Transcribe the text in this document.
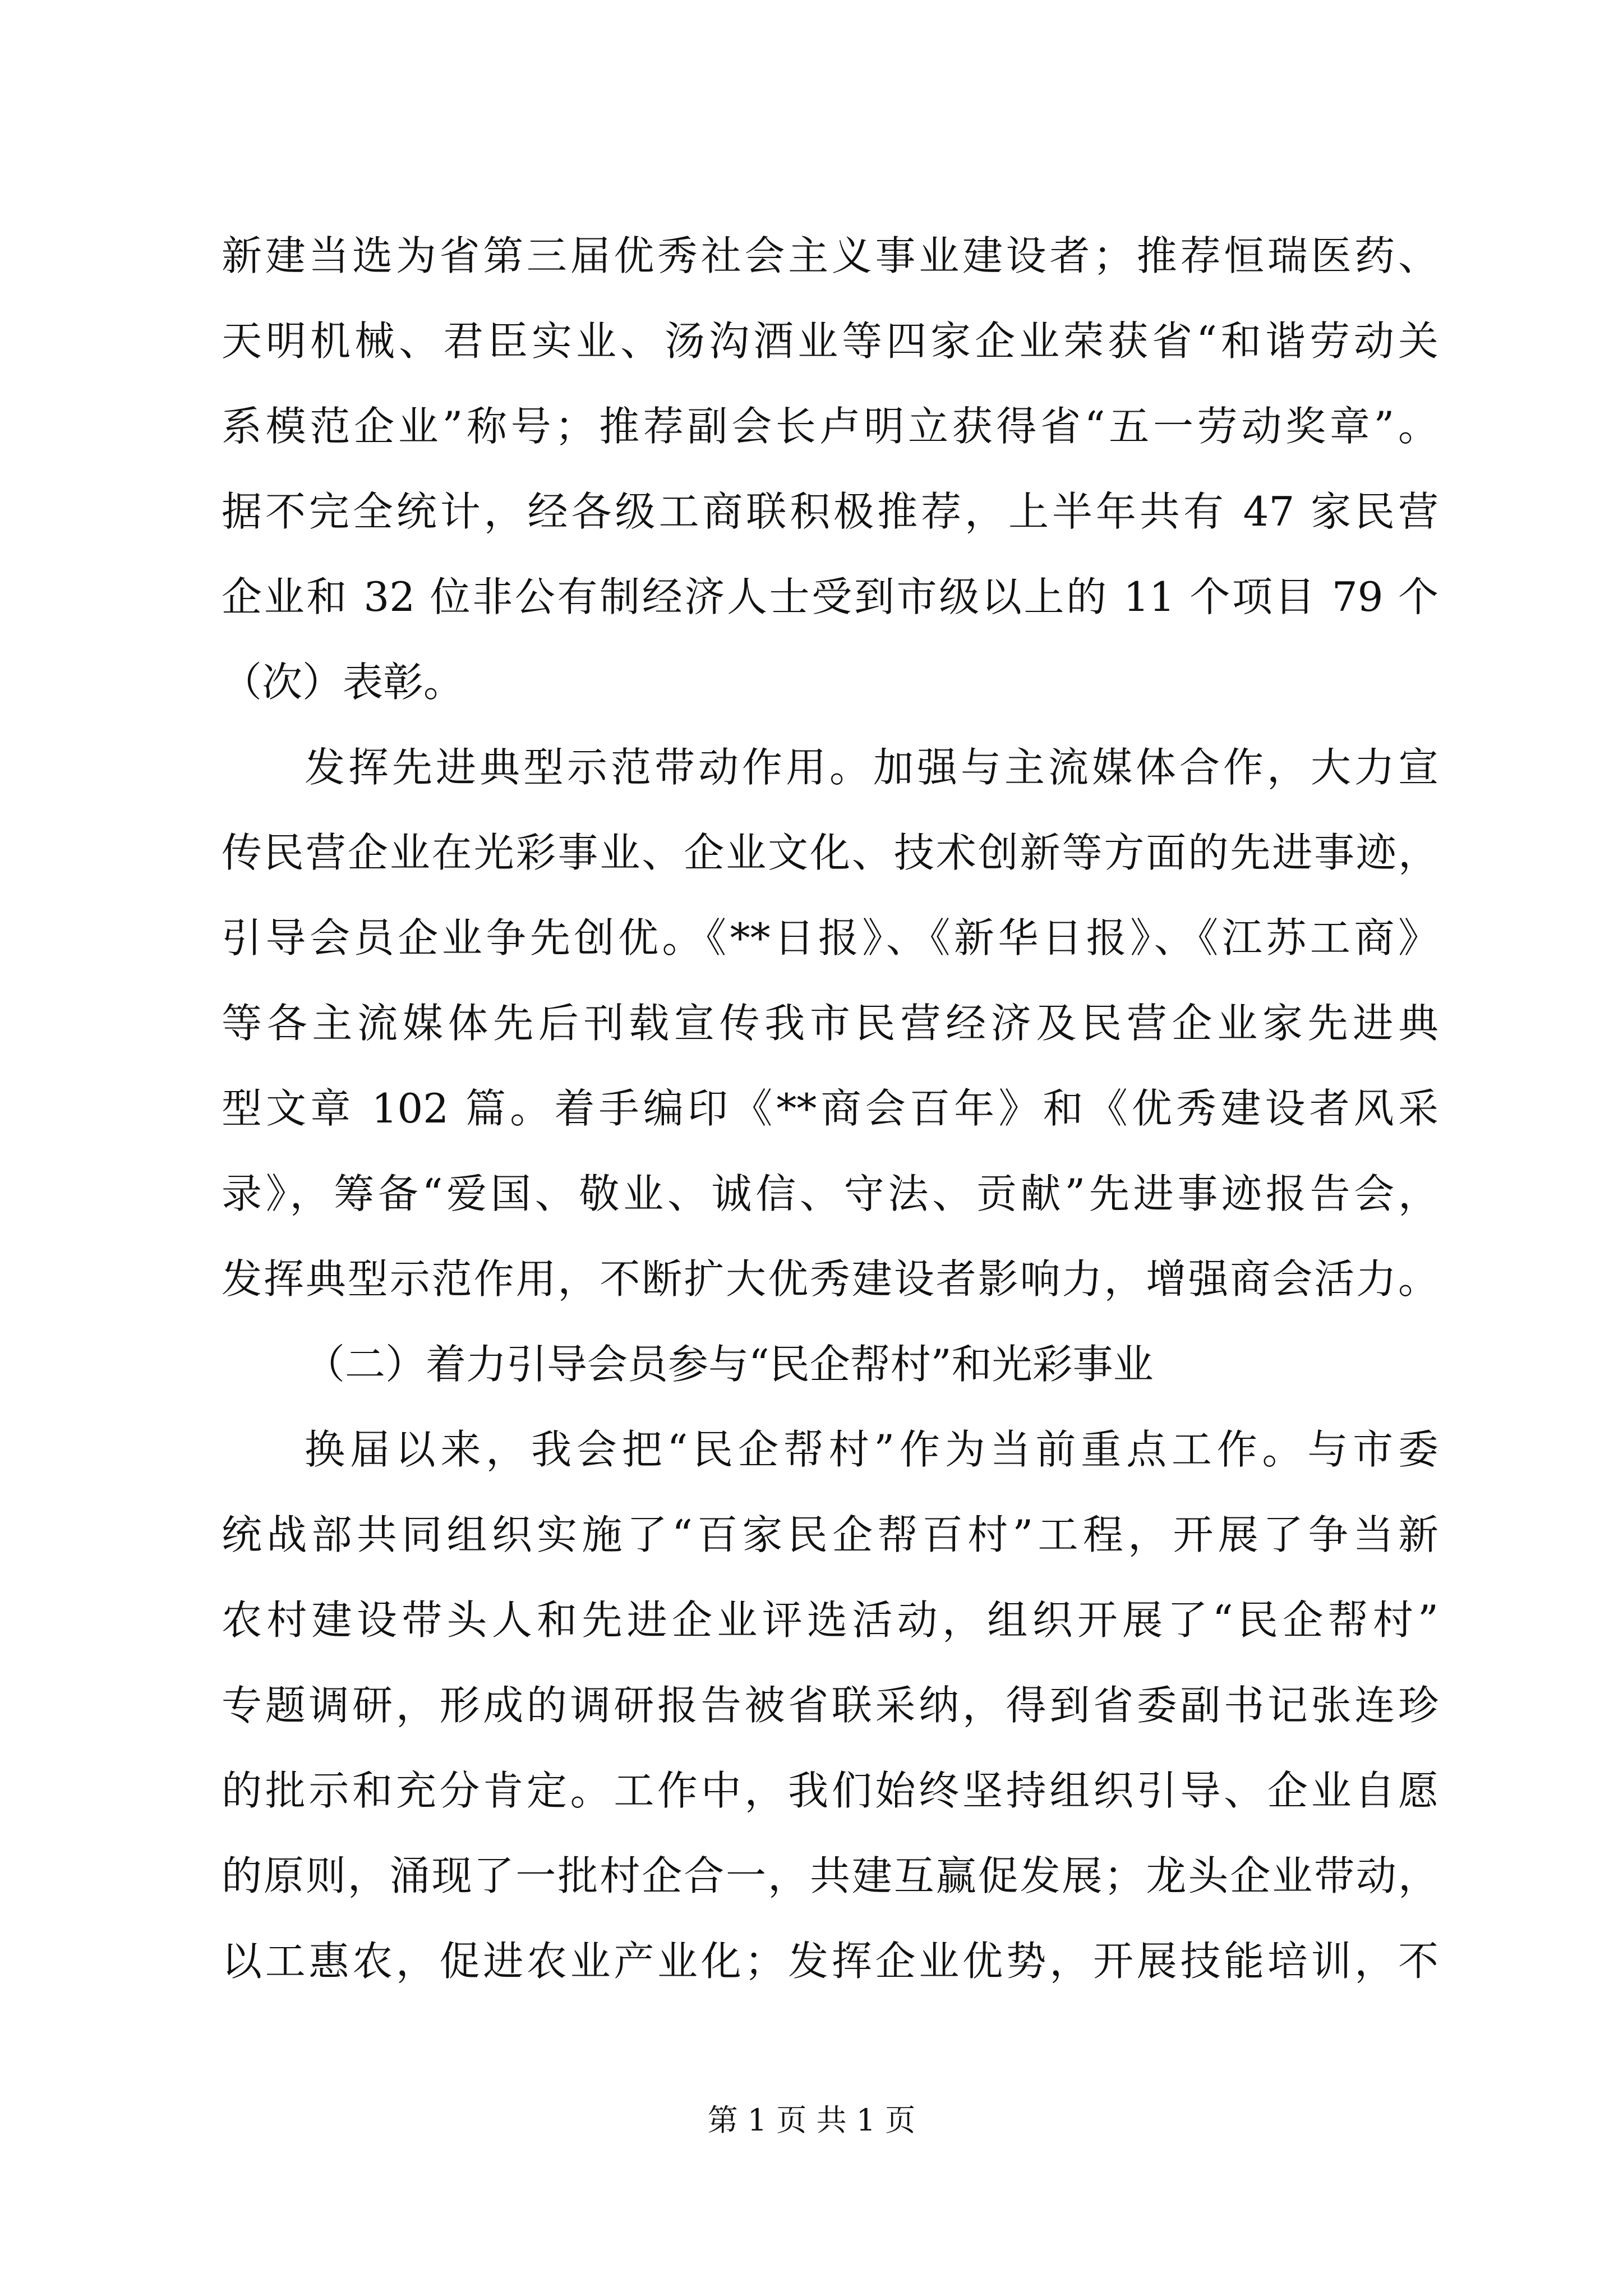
新建当选为省第三届优秀社会主义事业建设者；推荐恒瑞医药、
天明机械、君臣实业、汤沟酒业等四家企业荣获省“和谐劳动关
系模范企业”称号；推荐副会长卢明立获得省“五一劳动奖章”。
据不完全统计，经各级工商联积极推荐，上半年共有 47 家民营
企业和 32 位非公有制经济人士受到市级以上的 11 个项目 79 个
（次）表彰。
发挥先进典型示范带动作用。加强与主流媒体合作，大力宣
传民营企业在光彩事业、企业文化、技术创新等方面的先进事迹，
引导会员企业争先创优。《**日报》、《新华日报》、《江苏工商》
等各主流媒体先后刊载宣传我市民营经济及民营企业家先进典
型文章 102 篇。着手编印《**商会百年》和《优秀建设者风采
录》，筹备“爱国、敬业、诚信、守法、贡献”先进事迹报告会，
发挥典型示范作用，不断扩大优秀建设者影响力，增强商会活力。
（二）着力引导会员参与“民企帮村”和光彩事业
换届以来，我会把“民企帮村”作为当前重点工作。与市委
统战部共同组织实施了“百家民企帮百村”工程，开展了争当新
农村建设带头人和先进企业评选活动，组织开展了“民企帮村”
专题调研，形成的调研报告被省联采纳，得到省委副书记张连珍
的批示和充分肯定。工作中，我们始终坚持组织引导、企业自愿
的原则，涌现了一批村企合一，共建互赢促发展；龙头企业带动，
以工惠农，促进农业产业化；发挥企业优势，开展技能培训，不
第 1 页 共 1 页
